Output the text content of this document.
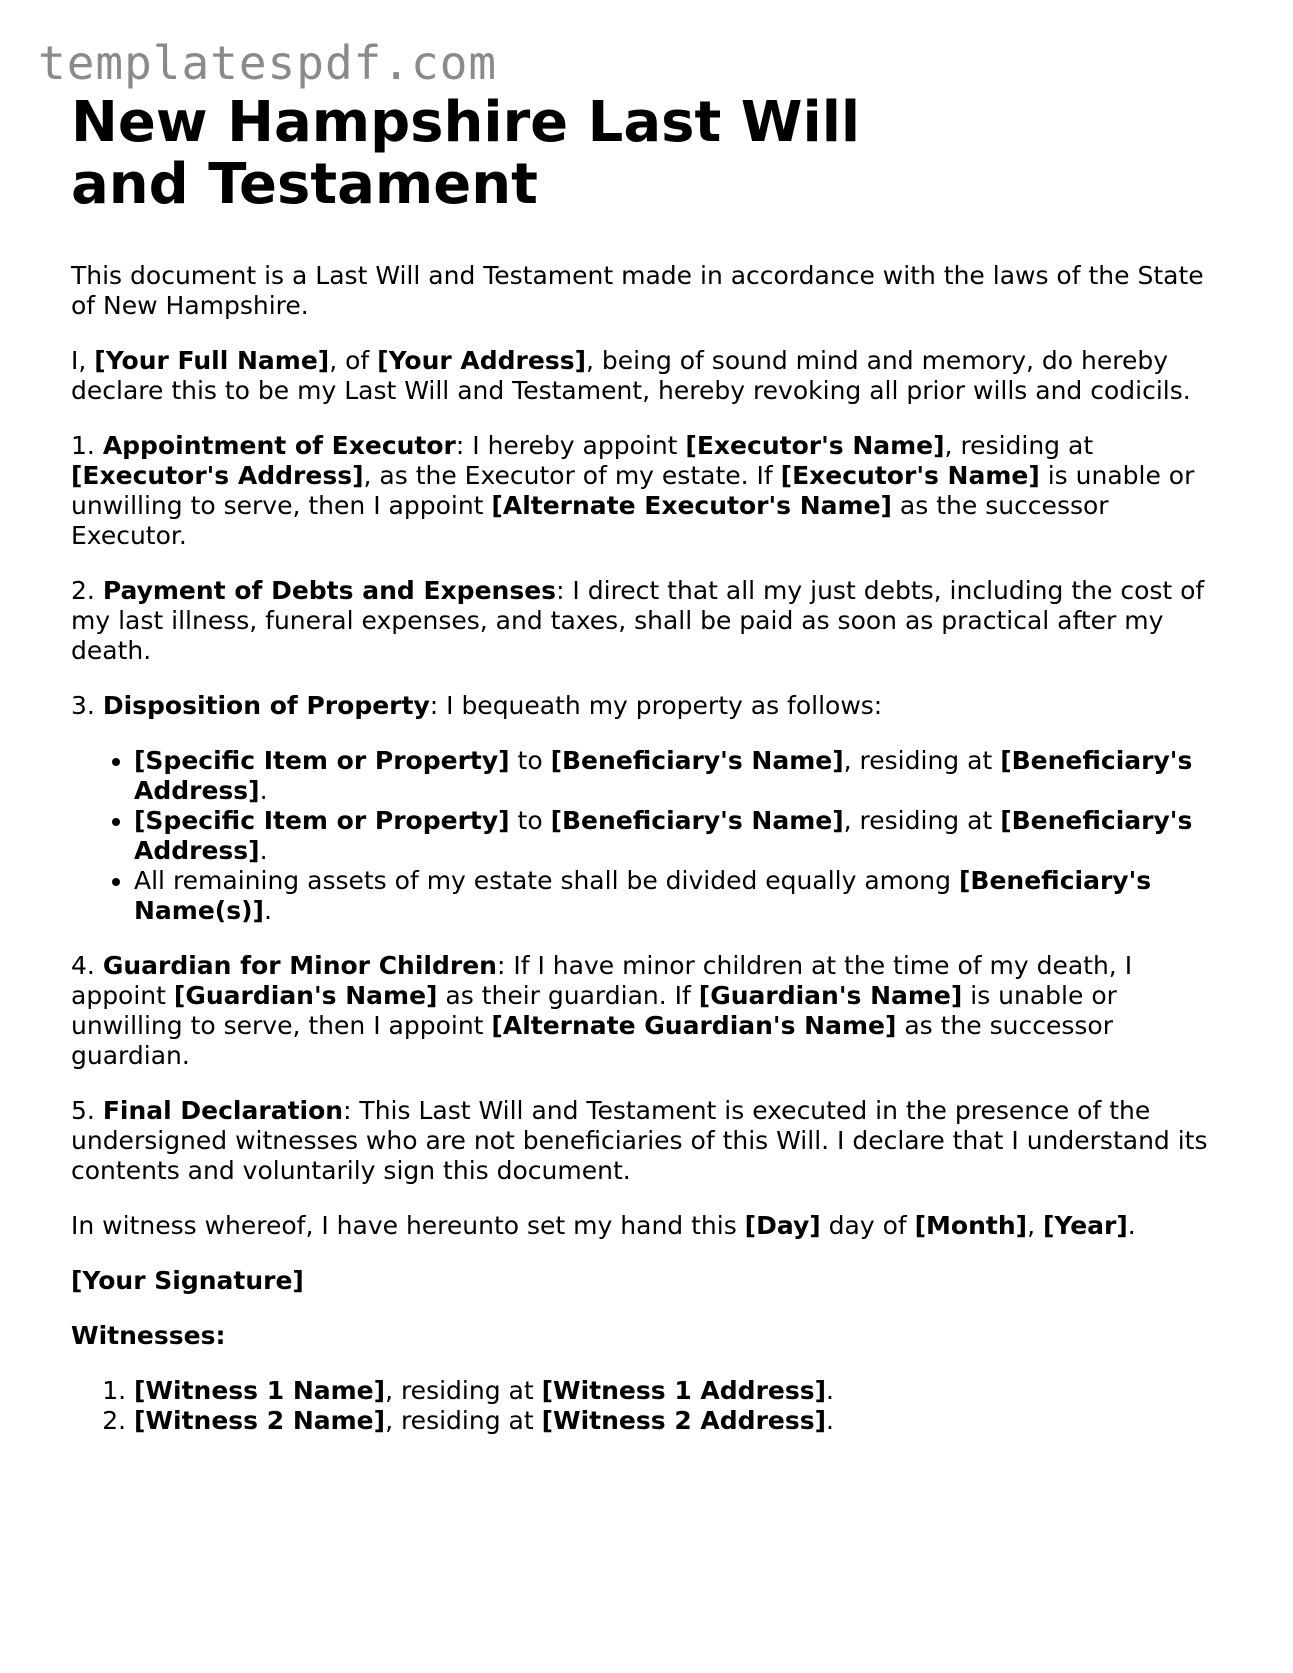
templatespdf.com
New Hampshire Last Will and Testament

This document is a Last Will and Testament made in accordance with the laws of the State of New Hampshire.

I, [Your Full Name], of [Your Address], being of sound mind and memory, do hereby declare this to be my Last Will and Testament, hereby revoking all prior wills and codicils.

1. Appointment of Executor: I hereby appoint [Executor's Name], residing at [Executor's Address], as the Executor of my estate. If [Executor's Name] is unable or unwilling to serve, then I appoint [Alternate Executor's Name] as the successor Executor.

2. Payment of Debts and Expenses: I direct that all my just debts, including the cost of my last illness, funeral expenses, and taxes, shall be paid as soon as practical after my death.

3. Disposition of Property: I bequeath my property as follows:

• [Specific Item or Property] to [Beneficiary's Name], residing at [Beneficiary's Address].
• [Specific Item or Property] to [Beneficiary's Name], residing at [Beneficiary's Address].
• All remaining assets of my estate shall be divided equally among [Beneficiary's Name(s)].

4. Guardian for Minor Children: If I have minor children at the time of my death, I appoint [Guardian's Name] as their guardian. If [Guardian's Name] is unable or unwilling to serve, then I appoint [Alternate Guardian's Name] as the successor guardian.

5. Final Declaration: This Last Will and Testament is executed in the presence of the undersigned witnesses who are not beneficiaries of this Will. I declare that I understand its contents and voluntarily sign this document.

In witness whereof, I have hereunto set my hand this [Day] day of [Month], [Year].

[Your Signature]

Witnesses:

1. [Witness 1 Name], residing at [Witness 1 Address].
2. [Witness 2 Name], residing at [Witness 2 Address].
